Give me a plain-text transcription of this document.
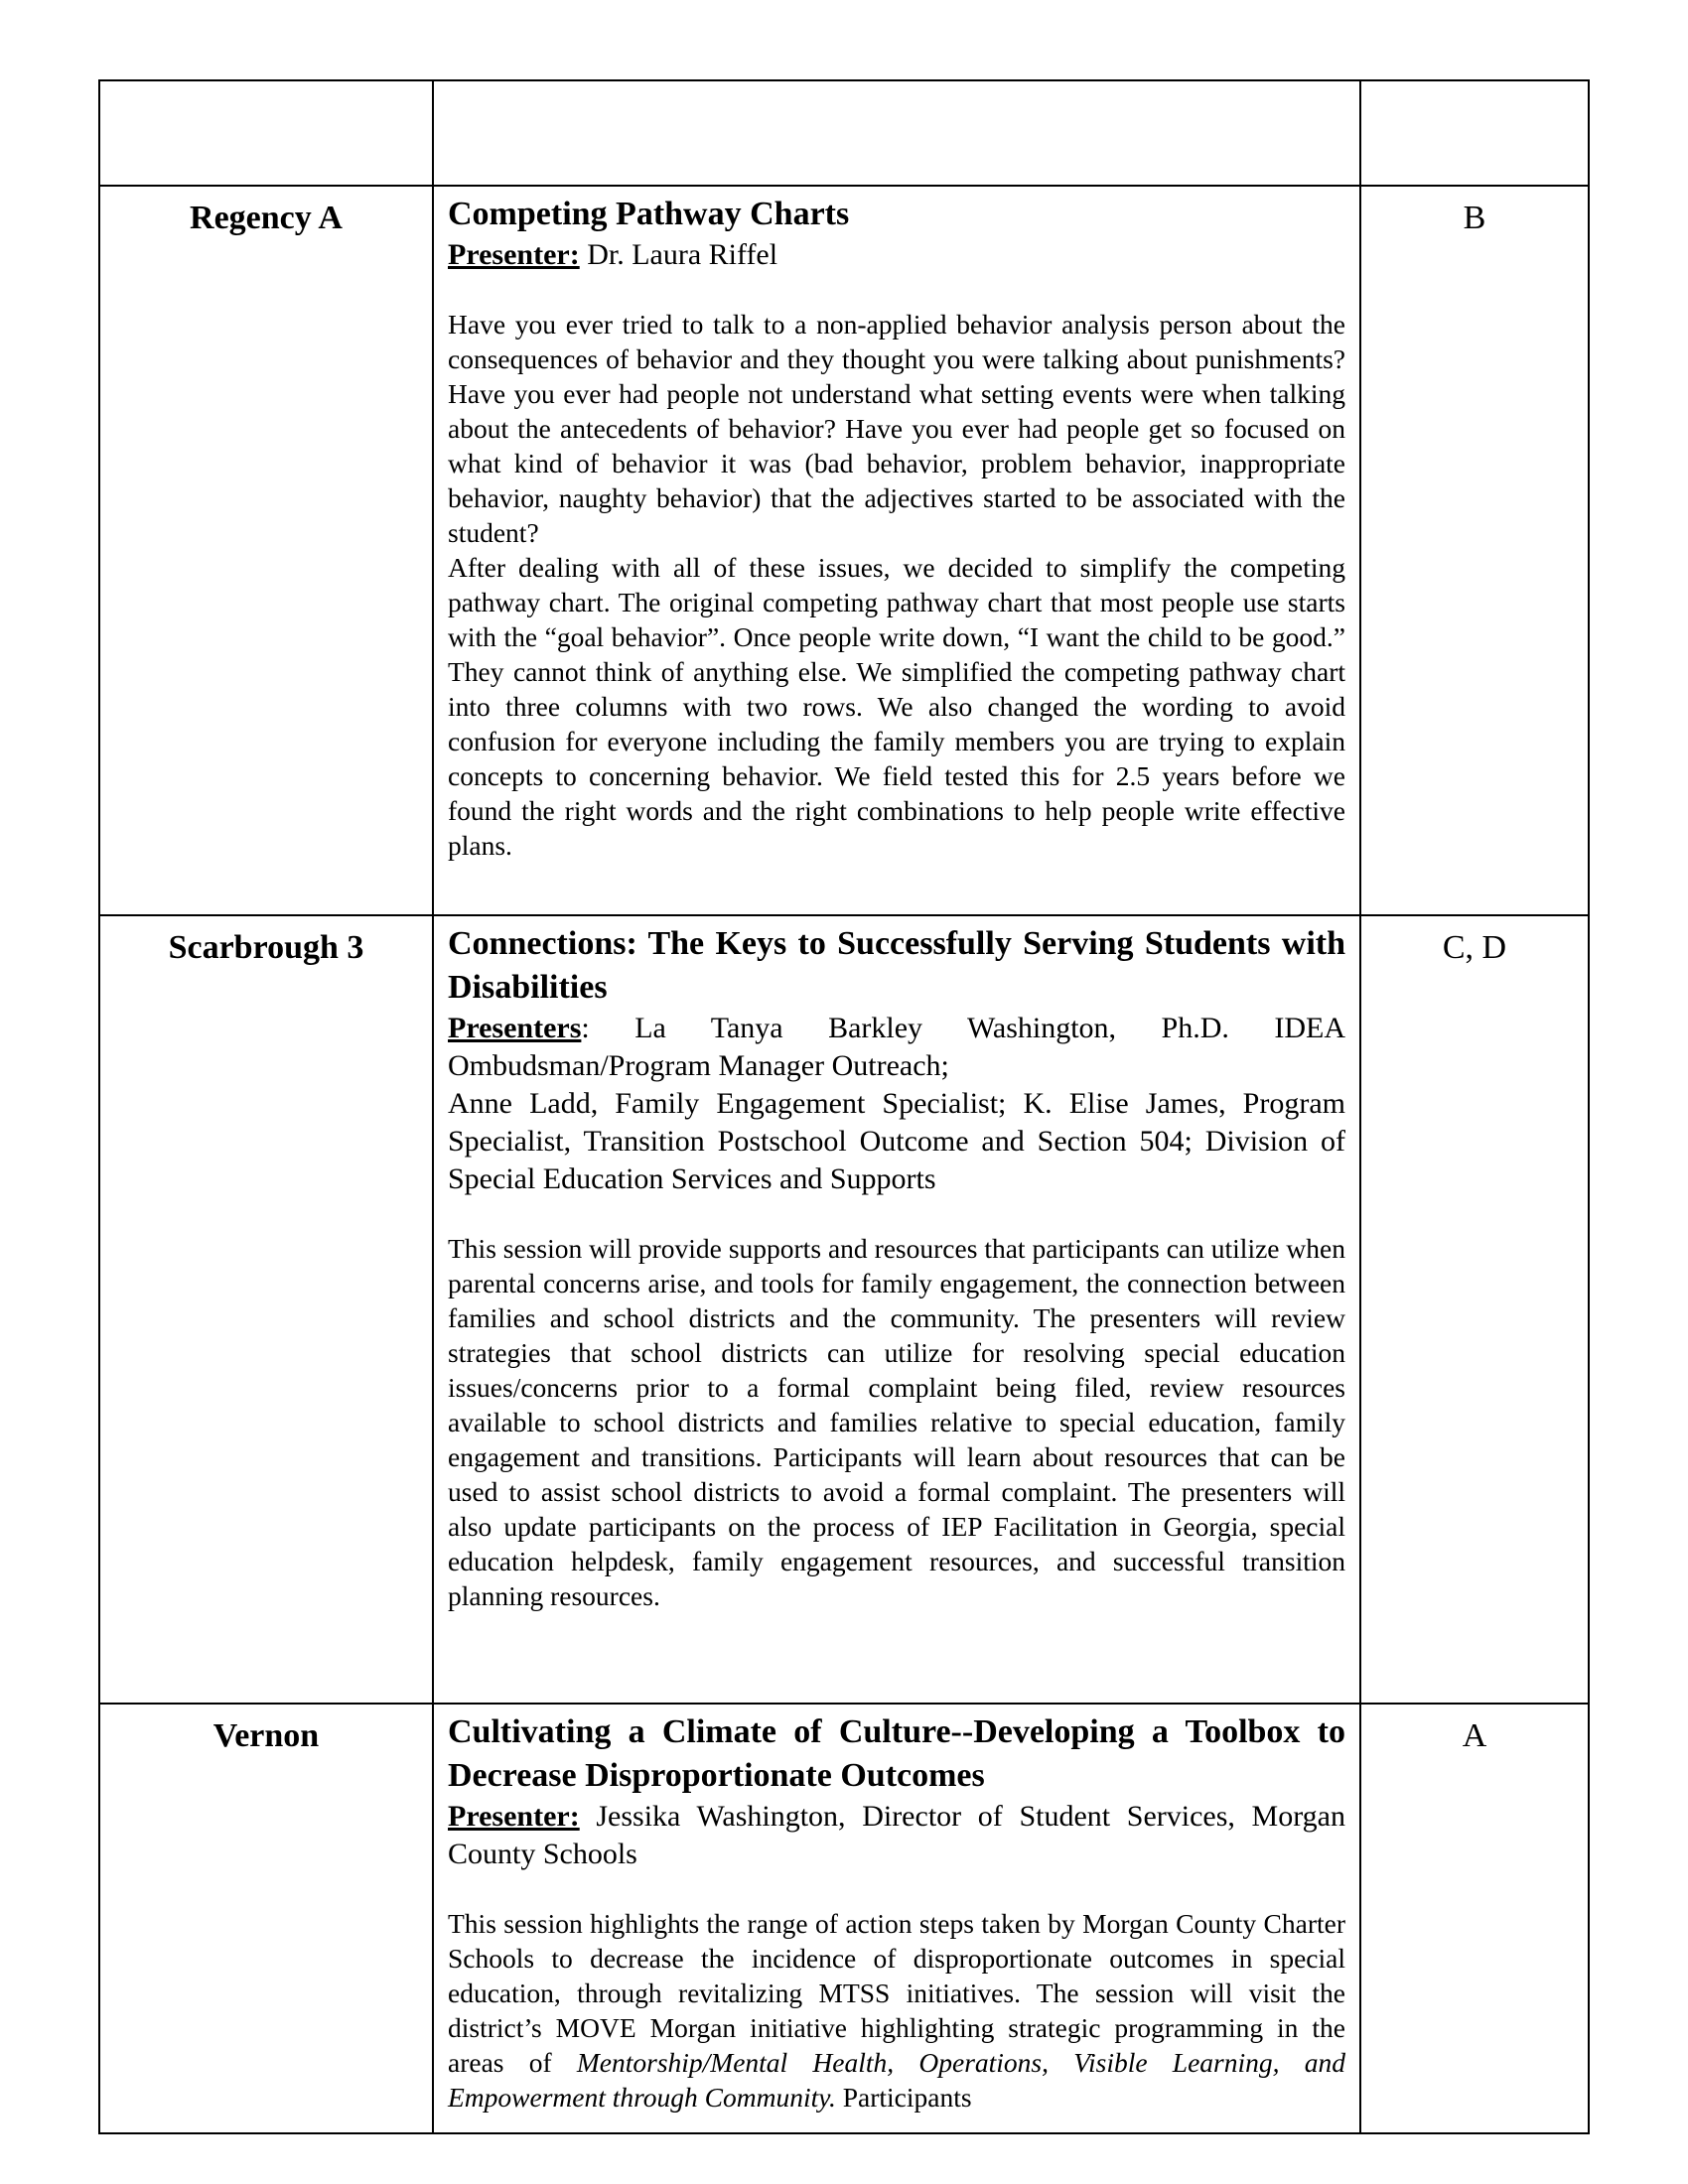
Regency A	Competing Pathway Charts
Presenter: Dr. Laura Riffel

Have you ever tried to talk to a non-applied behavior analysis person about the consequences of behavior and they thought you were talking about punishments? Have you ever had people not understand what setting events were when talking about the antecedents of behavior? Have you ever had people get so focused on what kind of behavior it was (bad behavior, problem behavior, inappropriate behavior, naughty behavior) that the adjectives started to be associated with the student?

After dealing with all of these issues, we decided to simplify the competing pathway chart. The original competing pathway chart that most people use starts with the “goal behavior”. Once people write down, “I want the child to be good.” They cannot think of anything else. We simplified the competing pathway chart into three columns with two rows. We also changed the wording to avoid confusion for everyone including the family members you are trying to explain concepts to concerning behavior. We field tested this for 2.5 years before we found the right words and the right combinations to help people write effective plans.	B
Scarbrough 3	Connections: The Keys to Successfully Serving Students with Disabilities
Presenters: La Tanya Barkley Washington, Ph.D. IDEA Ombudsman/Program Manager Outreach;
Anne Ladd, Family Engagement Specialist; K. Elise James, Program Specialist, Transition Postschool Outcome and Section 504; Division of Special Education Services and Supports

This session will provide supports and resources that participants can utilize when parental concerns arise, and tools for family engagement, the connection between families and school districts and the community. The presenters will review strategies that school districts can utilize for resolving special education issues/concerns prior to a formal complaint being filed, review resources available to school districts and families relative to special education, family engagement and transitions. Participants will learn about resources that can be used to assist school districts to avoid a formal complaint. The presenters will also update participants on the process of IEP Facilitation in Georgia, special education helpdesk, family engagement resources, and successful transition planning resources.	C, D
Vernon	Cultivating a Climate of Culture--Developing a Toolbox to Decrease Disproportionate Outcomes
Presenter: Jessika Washington, Director of Student Services, Morgan County Schools

This session highlights the range of action steps taken by Morgan County Charter Schools to decrease the incidence of disproportionate outcomes in special education, through revitalizing MTSS initiatives. The session will visit the district’s MOVE Morgan initiative highlighting strategic programming in the areas of Mentorship/Mental Health, Operations, Visible Learning, and Empowerment through Community. Participants	A
